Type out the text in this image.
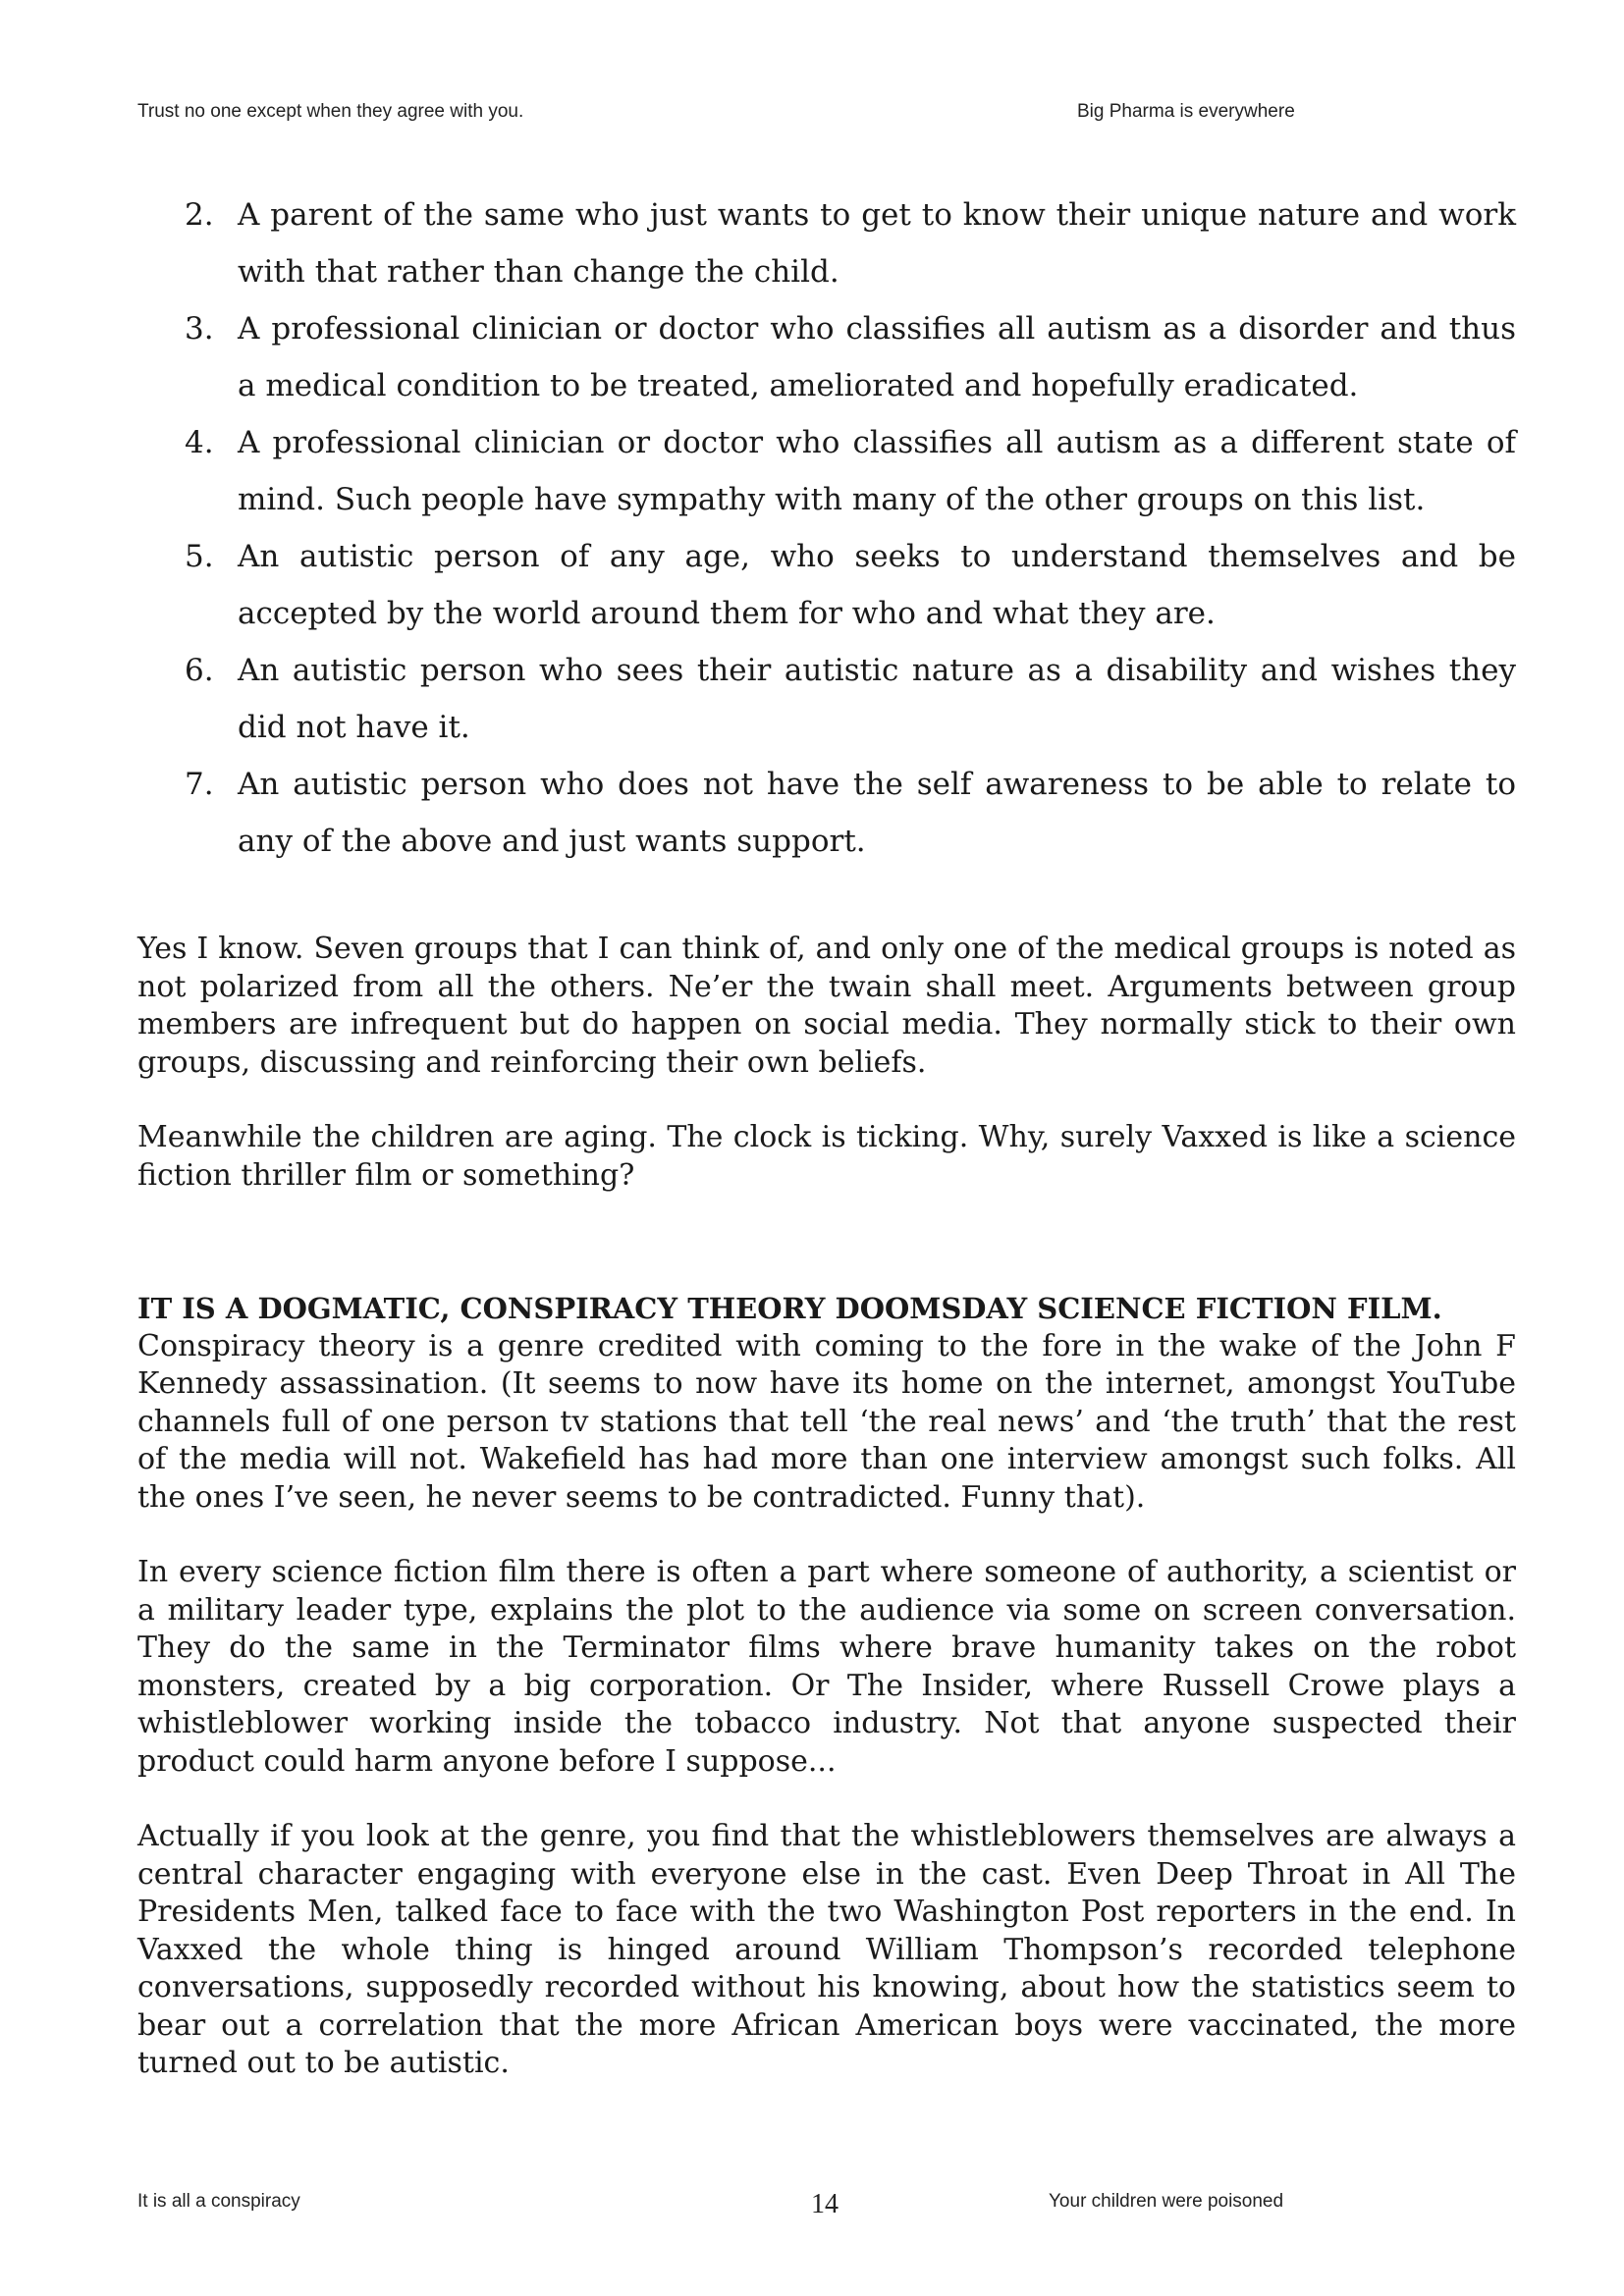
Trust no one except when they agree with you.	Big Pharma is everywhere
2. A parent of the same who just wants to get to know their unique nature and work with that rather than change the child.
3. A professional clinician or doctor who classifies all autism as a disorder and thus a medical condition to be treated, ameliorated and hopefully eradicated.
4. A professional clinician or doctor who classifies all autism as a different state of mind. Such people have sympathy with many of the other groups on this list.
5. An autistic person of any age, who seeks to understand themselves and be accepted by the world around them for who and what they are.
6. An autistic person who sees their autistic nature as a disability and wishes they did not have it.
7. An autistic person who does not have the self awareness to be able to relate to any of the above and just wants support.

Yes I know. Seven groups that I can think of, and only one of the medical groups is noted as not polarized from all the others. Ne’er the twain shall meet. Arguments between group members are infrequent but do happen on social media. They normally stick to their own groups, discussing and reinforcing their own beliefs.

Meanwhile the children are aging. The clock is ticking. Why, surely Vaxxed is like a science fiction thriller film or something?

IT IS A DOGMATIC, CONSPIRACY THEORY DOOMSDAY SCIENCE FICTION FILM.

Conspiracy theory is a genre credited with coming to the fore in the wake of the John F Kennedy assassination. (It seems to now have its home on the internet, amongst YouTube channels full of one person tv stations that tell ‘the real news’ and ‘the truth’ that the rest of the media will not. Wakefield has had more than one interview amongst such folks. All the ones I’ve seen, he never seems to be contradicted. Funny that).

In every science fiction film there is often a part where someone of authority, a scientist or a military leader type, explains the plot to the audience via some on screen conversation. They do the same in the Terminator films where brave humanity takes on the robot monsters, created by a big corporation. Or The Insider, where Russell Crowe plays a whistleblower working inside the tobacco industry. Not that anyone suspected their product could harm anyone before I suppose...

Actually if you look at the genre, you find that the whistleblowers themselves are always a central character engaging with everyone else in the cast. Even Deep Throat in All The Presidents Men, talked face to face with the two Washington Post reporters in the end. In Vaxxed the whole thing is hinged around William Thompson’s recorded telephone conversations, supposedly recorded without his knowing, about how the statistics seem to bear out a correlation that the more African American boys were vaccinated, the more turned out to be autistic.

It is all a conspiracy	14	Your children were poisoned
